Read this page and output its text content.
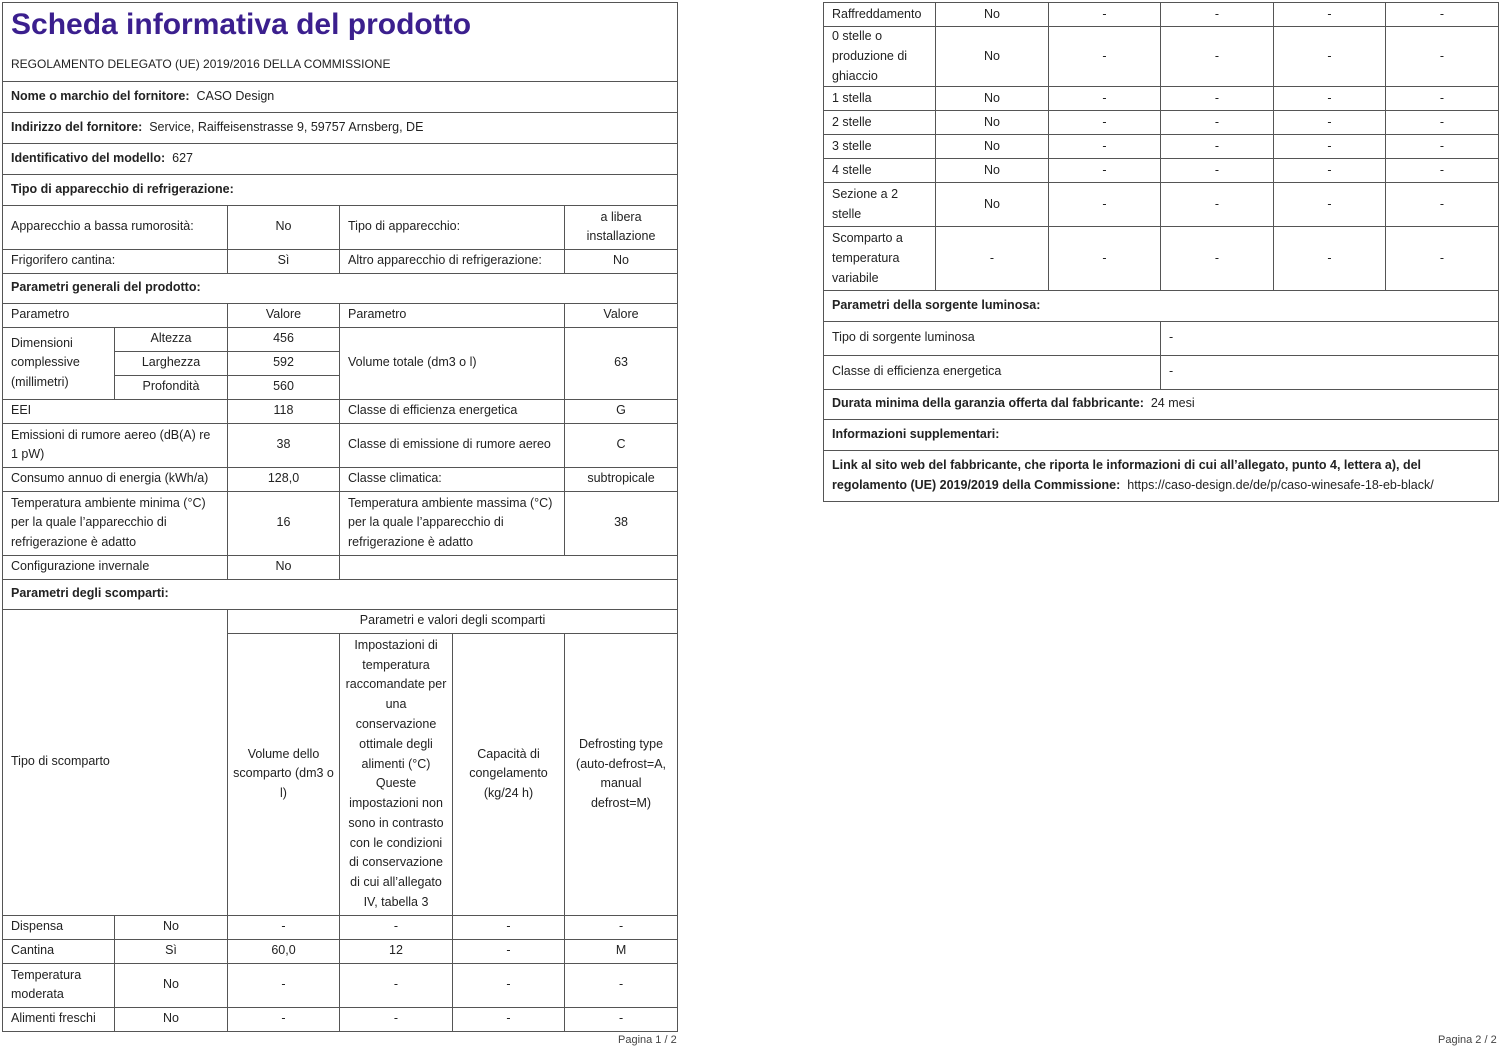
Scheda informativa del prodotto
REGOLAMENTO DELEGATO (UE) 2019/2016 DELLA COMMISSIONE					

Nome o marchio del fornitore: CASO Design					
Indirizzo del fornitore: Service, Raiffeisenstrasse 9, 59757 Arnsberg, DE					
Identificativo del modello: 627					
Tipo di apparecchio di refrigerazione:					
Apparecchio a bassa rumorosità:		No	Tipo di apparecchio:		a libera installazione
Frigorifero cantina:		Sì	Altro apparecchio di refrigerazione:		No
Parametri generali del prodotto:					
Parametro		Valore	Parametro		Valore
Dimensioni complessive (millimetri)	Altezza	456	Volume totale (dm3 o l)		63
	Larghezza	592			
	Profondità	560			
EEI		118	Classe di efficienza energetica		G
Emissioni di rumore aereo (dB(A) re 1 pW)		38	Classe di emissione di rumore aereo		C
Consumo annuo di energia (kWh/a)		128,0	Classe climatica:		subtropicale
Temperatura ambiente minima (°C) per la quale l’apparecchio di refrigerazione è adatto		16	Temperatura ambiente massima (°C) per la quale l’apparecchio di refrigerazione è adatto		38
Configurazione invernale		No			
Parametri degli scomparti:					
Tipo di scomparto		Parametri e valori degli scomparti			
		Volume dello scomparto (dm3 o l)	Impostazioni di temperatura raccomandate per una conservazione ottimale degli alimenti (°C) Queste impostazioni non sono in contrasto con le condizioni di conservazione di cui all’allegato IV, tabella 3	Capacità di congelamento (kg/24 h)	Defrosting type (auto-defrost=A, manual defrost=M)
Dispensa	No	-	-	-	-
Cantina	Sì	60,0	12	-	M
Temperatura moderata	No	-	-	-	-
Alimenti freschi	No	-	-	-	-
Pagina 1 / 2
Raffreddamento	No	-	-	-	-
0 stelle o produzione di ghiaccio	No	-	-	-	-
1 stella	No	-	-	-	-
2 stelle	No	-	-	-	-
3 stelle	No	-	-	-	-
4 stelle	No	-	-	-	-
Sezione a 2 stelle	No	-	-	-	-
Scomparto a temperatura variabile	-	-	-	-	-
Parametri della sorgente luminosa:	
Tipo di sorgente luminosa	-
Classe di efficienza energetica	-
Durata minima della garanzia offerta dal fabbricante: 24 mesi	
Informazioni supplementari:	
Link al sito web del fabbricante, che riporta le informazioni di cui all’allegato, punto 4, lettera a), del regolamento (UE) 2019/2019 della Commissione: https://caso-design.de/de/p/caso-winesafe-18-eb-black/	
Pagina 2 / 2
